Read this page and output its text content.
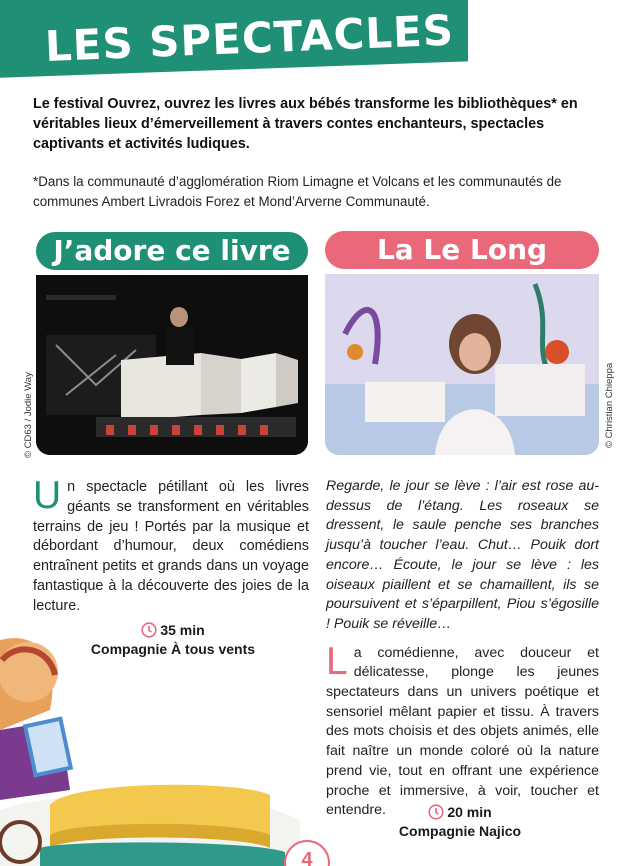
LES SPECTACLES

Le festival Ouvrez, ouvrez les livres aux bébés transforme les bibliothèques* en véritables lieux d’émerveillement à travers contes enchanteurs, spectacles captivants et activités ludiques.

*Dans la communauté d’agglomération Riom Limagne et Volcans et les communautés de communes Ambert Livradois Forez et Mond’Arverne Communauté.

J’adore ce livre
© CD63 / Jodie Way
Un spectacle pétillant où les livres géants se transforment en véritables terrains de jeu ! Portés par la musique et débordant d’humour, deux comédiens entraînent petits et grands dans un voyage fantastique à la découverte des joies de la lecture.
35 min
Compagnie À tous vents
La Le Long
© Christian Chieppa

Regarde, le jour se lève : l’air est rose au-dessus de l’étang. Les roseaux se dressent, le saule penche ses branches jusqu’à toucher l’eau. Chut… Pouik dort encore… Écoute, le jour se lève : les oiseaux piaillent et se chamaillent, ils se poursuivent et s’éparpillent, Piou s’égosille ! Pouik se réveille…

La comédienne, avec douceur et délicatesse, plonge les jeunes spectateurs dans un univers poétique et sensoriel mêlant papier et tissu. À travers des mots choisis et des objets animés, elle fait naître un monde coloré où la nature prend vie, tout en offrant une expérience proche et immersive, à voir, toucher et entendre.	20 min
Compagnie Najico
4
